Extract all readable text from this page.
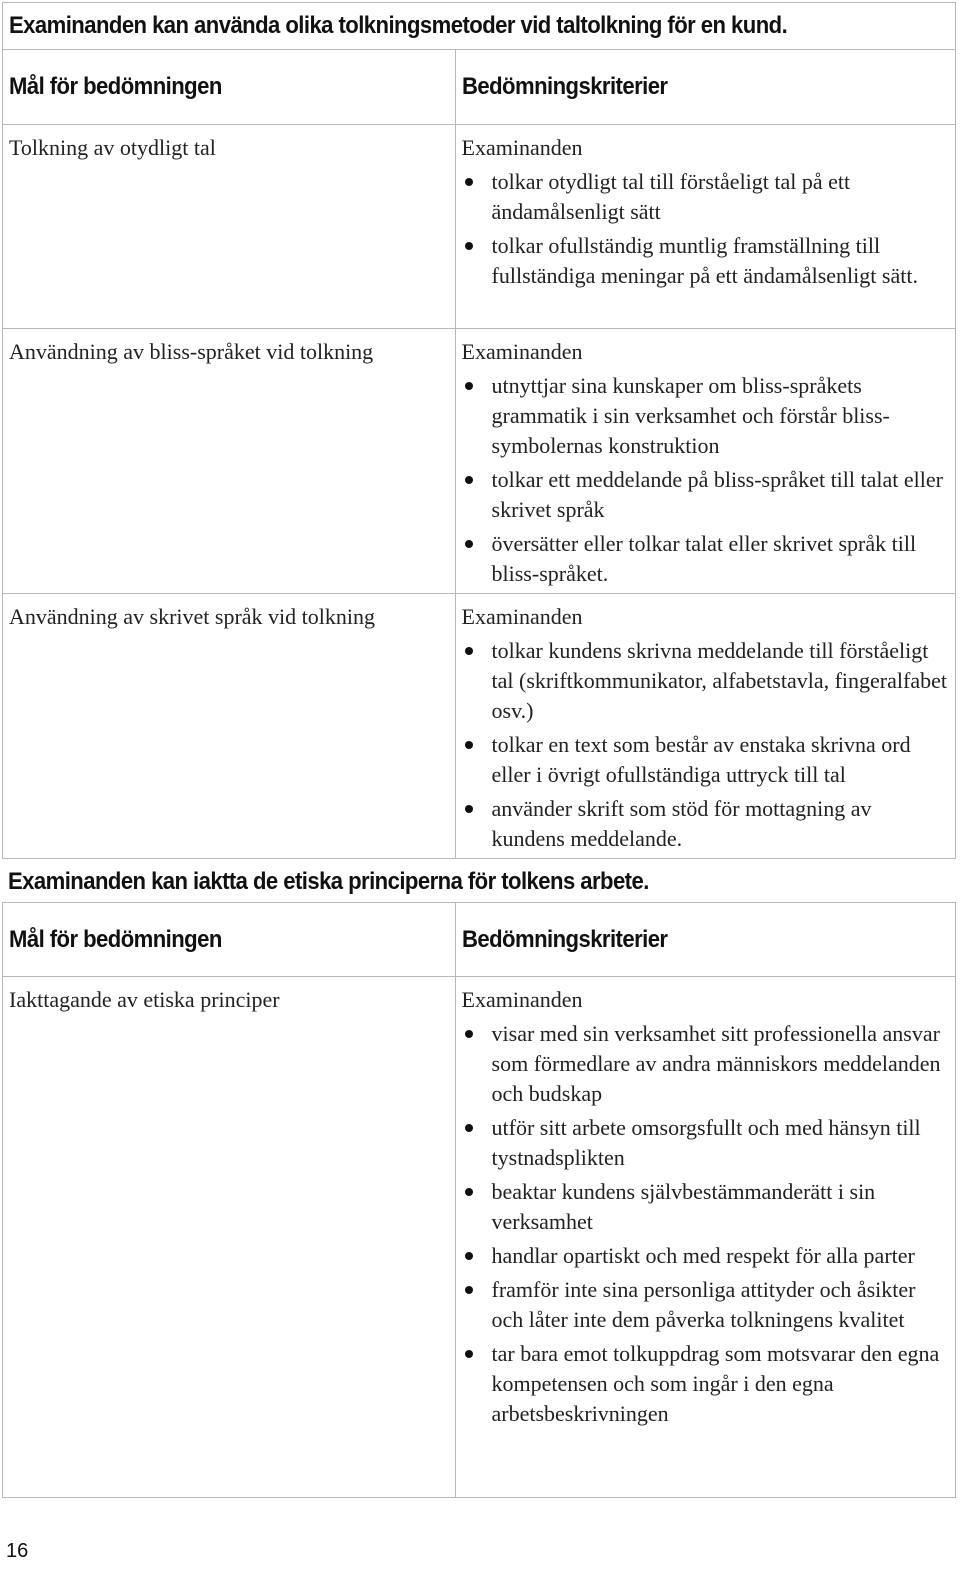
Examinanden kan använda olika tolkningsmetoder vid taltolkning för en kund.
Mål för bedömningen	Bedömningskriterier
Tolkning av otydligt tal	Examinanden
tolkar otydligt tal till förståeligt tal på ett ändamålsenligt sätt
tolkar ofullständig muntlig framställning till fullständiga meningar på ett ändamålsenligt sätt.
Användning av bliss-språket vid tolkning	Examinanden
utnyttjar sina kunskaper om bliss-språkets grammatik i sin verksamhet och förstår bliss-symbolernas konstruktion
tolkar ett meddelande på bliss-språket till talat eller skrivet språk
översätter eller tolkar talat eller skrivet språk till bliss-språket.
Användning av skrivet språk vid tolkning	Examinanden
tolkar kundens skrivna meddelande till förståeligt tal (skriftkommunikator, alfabetstavla, fingeralfabet osv.)
tolkar en text som består av enstaka skrivna ord eller i övrigt ofullständiga uttryck till tal
använder skrift som stöd för mottagning av kundens meddelande.
Examinanden kan iaktta de etiska principerna för tolkens arbete.
Mål för bedömningen	Bedömningskriterier
Iakttagande av etiska principer	Examinanden
visar med sin verksamhet sitt professionella ansvar som förmedlare av andra människors meddelanden och budskap
utför sitt arbete omsorgsfullt och med hänsyn till tystnadsplikten
beaktar kundens självbestämmanderätt i sin verksamhet
handlar opartiskt och med respekt för alla parter
framför inte sina personliga attityder och åsikter och låter inte dem påverka tolkningens kvalitet
tar bara emot tolkuppdrag som motsvarar den egna kompetensen och som ingår i den egna arbetsbeskrivningen
16
